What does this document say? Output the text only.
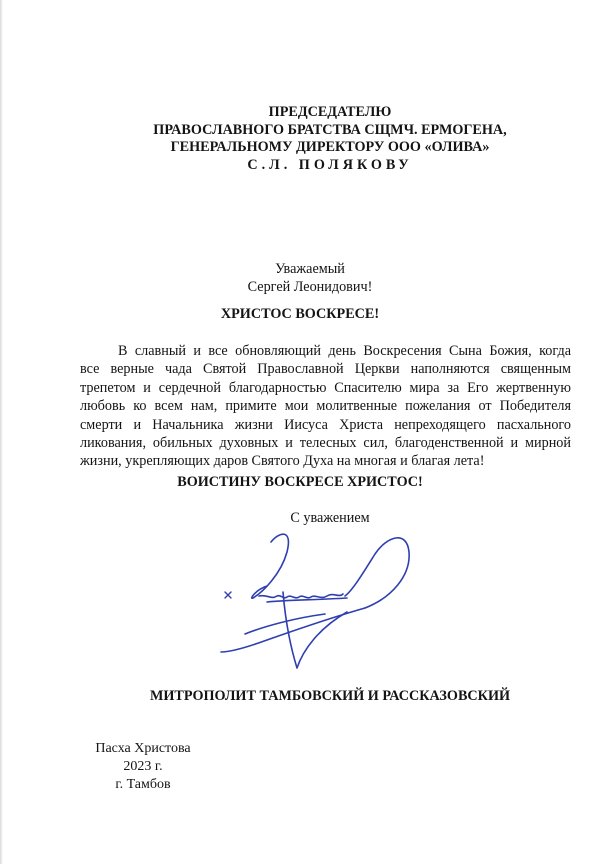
ПРЕДСЕДАТЕЛЮ
ПРАВОСЛАВНОГО БРАТСТВА СЩМЧ. ЕРМОГЕНА,
ГЕНЕРАЛЬНОМУ ДИРЕКТОРУ ООО «ОЛИВА»
С.Л. ПОЛЯКОВУ
Уважаемый
Сергей Леонидович!
ХРИСТОС ВОСКРЕСЕ!
В славный и все обновляющий день Воскресения Сына Божия, когда
все верные чада Святой Православной Церкви наполняются священным
трепетом и сердечной благодарностью Спасителю мира за Его жертвенную
любовь ко всем нам, примите мои молитвенные пожелания от Победителя
смерти и Начальника жизни Иисуса Христа непреходящего пасхального
ликования, обильных духовных и телесных сил, благоденственной и мирной
жизни, укрепляющих даров Святого Духа на многая и благая лета!
ВОИСТИНУ ВОСКРЕСЕ ХРИСТОС!
С уважением
МИТРОПОЛИТ ТАМБОВСКИЙ И РАССКАЗОВСКИЙ
Пасха Христова
2023 г.
г. Тамбов
